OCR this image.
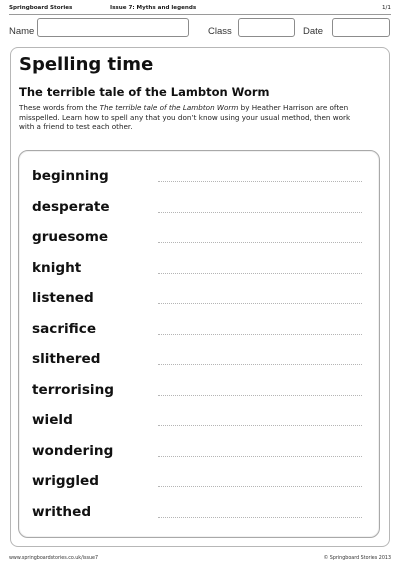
Springboard Stories	Issue 7: Myths and legends	1/1
Name	Class	Date
Spelling time
The terrible tale of the Lambton Worm
These words from the The terrible tale of the Lambton Worm by Heather Harrison are often misspelled. Learn how to spell any that you don’t know using your usual method, then work with a friend to test each other.
beginning
desperate
gruesome
knight
listened
sacrifice
slithered
terrorising
wield
wondering
wriggled
writhed
www.springboardstories.co.uk/issue7	© Springboard Stories 2013
